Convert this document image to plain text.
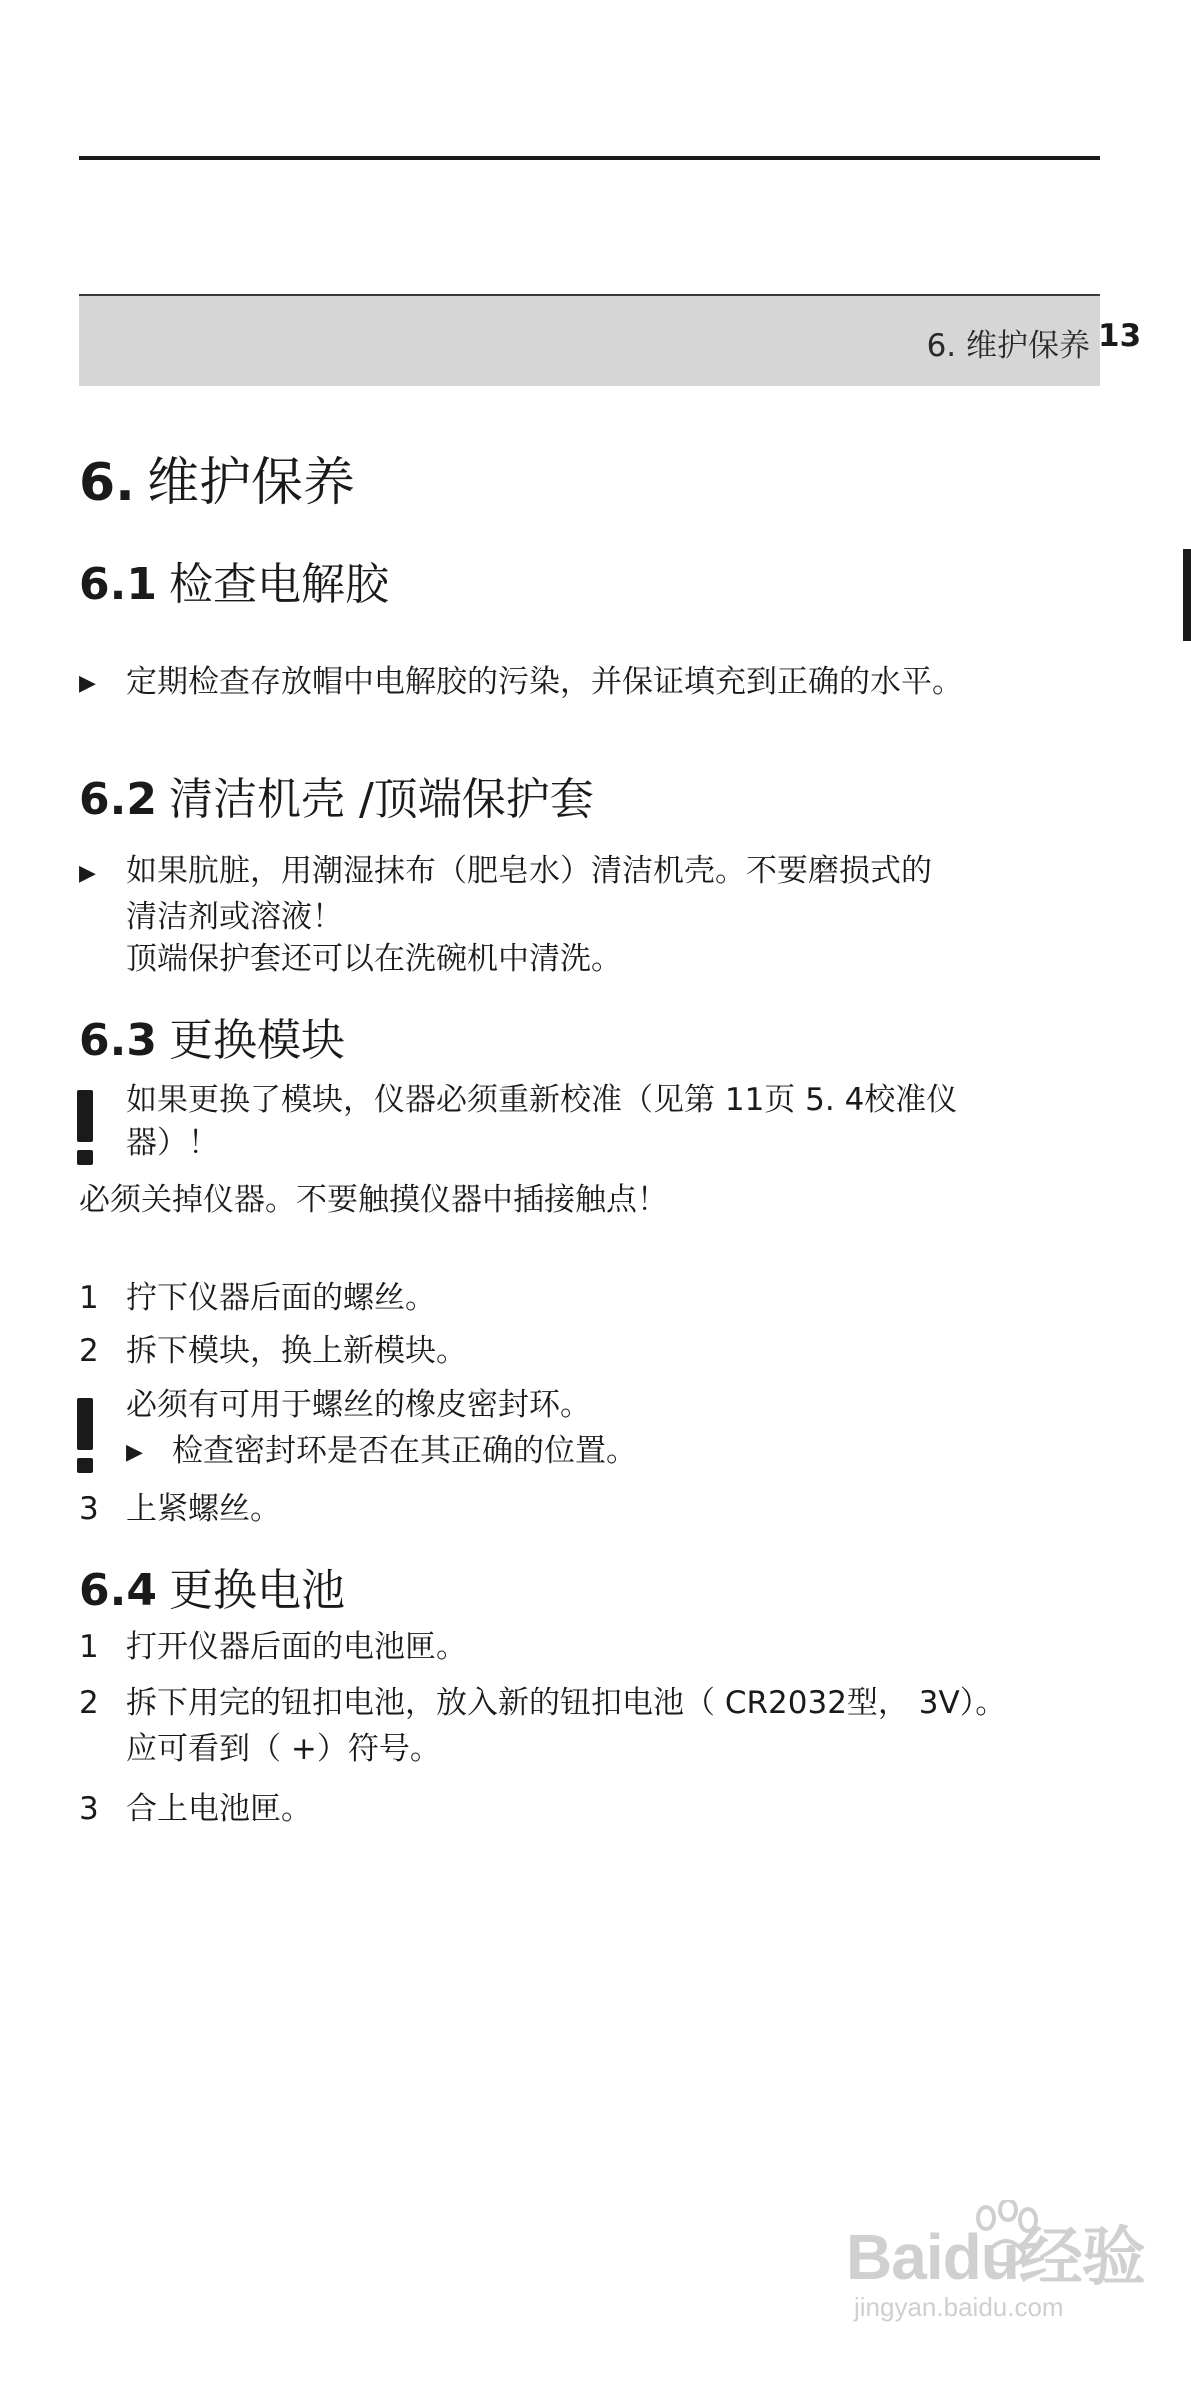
6. 维护保养 13
6. 维护保养
6.1 检查电解胶
▶ 定期检查存放帽中电解胶的污染，并保证填充到正确的水平。
6.2 清洁机壳 /顶端保护套
▶ 如果肮脏，用潮湿抹布（肥皂水）清洁机壳。不要磨损式的
清洁剂或溶液！
顶端保护套还可以在洗碗机中清洗。
6.3 更换模块
如果更换了模块，仪器必须重新校准（见第 11页 5. 4校准仪
器）！
必须关掉仪器。不要触摸仪器中插接触点！
1 拧下仪器后面的螺丝。
2 拆下模块，换上新模块。
必须有可用于螺丝的橡皮密封环。
▶ 检查密封环是否在其正确的位置。
3 上紧螺丝。
6.4 更换电池
1 打开仪器后面的电池匣。
2 拆下用完的钮扣电池，放入新的钮扣电池（ CR2032型， 3V）。
应可看到（ +）符号。
3 合上电池匣。
Baidu经验
jingyan.baidu.com
